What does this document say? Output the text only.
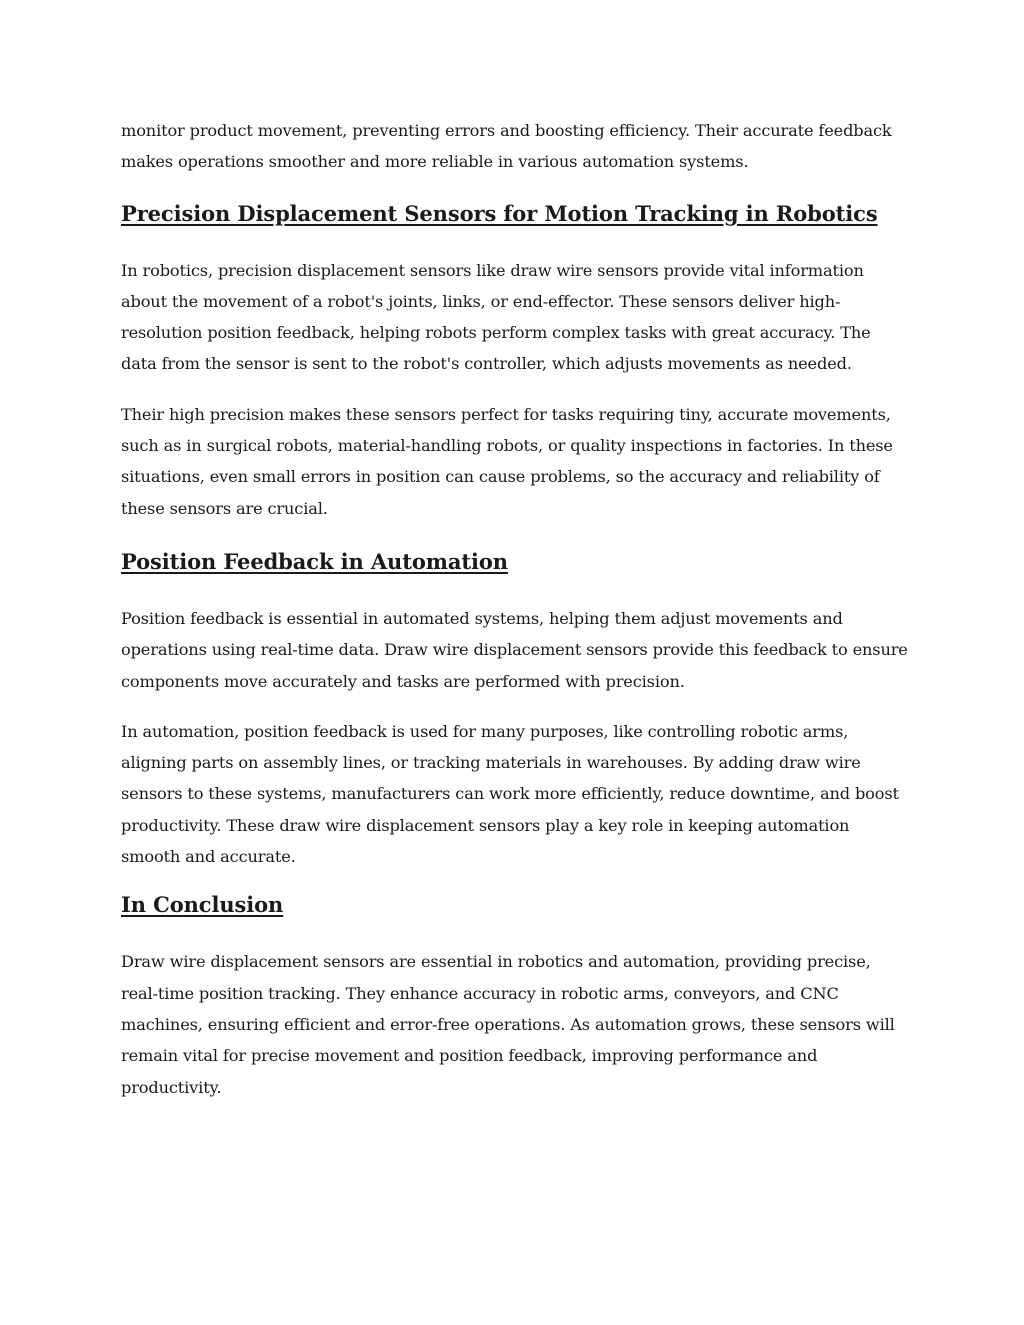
monitor product movement, preventing errors and boosting efficiency. Their accurate feedback makes operations smoother and more reliable in various automation systems.

Precision Displacement Sensors for Motion Tracking in Robotics

In robotics, precision displacement sensors like draw wire sensors provide vital information about the movement of a robot's joints, links, or end-effector. These sensors deliver high-resolution position feedback, helping robots perform complex tasks with great accuracy. The data from the sensor is sent to the robot's controller, which adjusts movements as needed.

Their high precision makes these sensors perfect for tasks requiring tiny, accurate movements, such as in surgical robots, material-handling robots, or quality inspections in factories. In these situations, even small errors in position can cause problems, so the accuracy and reliability of these sensors are crucial.

Position Feedback in Automation

Position feedback is essential in automated systems, helping them adjust movements and operations using real-time data. Draw wire displacement sensors provide this feedback to ensure components move accurately and tasks are performed with precision.

In automation, position feedback is used for many purposes, like controlling robotic arms, aligning parts on assembly lines, or tracking materials in warehouses. By adding draw wire sensors to these systems, manufacturers can work more efficiently, reduce downtime, and boost productivity. These draw wire displacement sensors play a key role in keeping automation smooth and accurate.

In Conclusion

Draw wire displacement sensors are essential in robotics and automation, providing precise, real-time position tracking. They enhance accuracy in robotic arms, conveyors, and CNC machines, ensuring efficient and error-free operations. As automation grows, these sensors will remain vital for precise movement and position feedback, improving performance and productivity.
